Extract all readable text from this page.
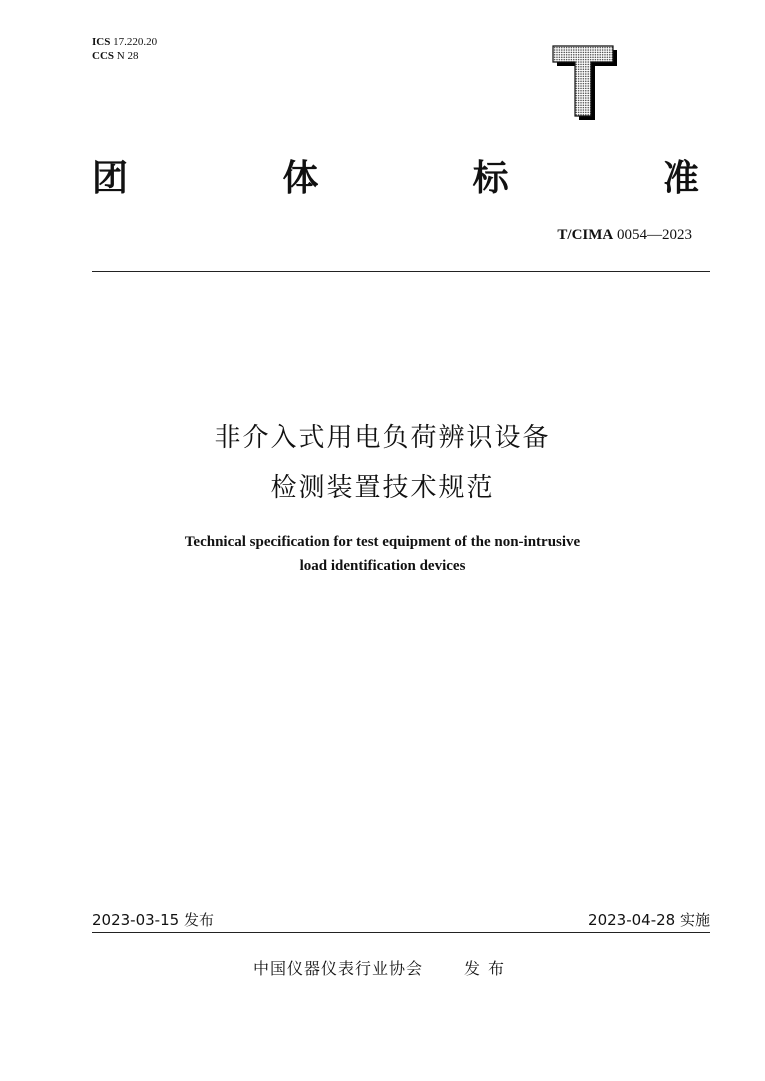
ICS 17.220.20
CCS N 28
团	体	标	准
T/CIMA 0054—2023
非介入式用电负荷辨识设备
检测装置技术规范
Technical specification for test equipment of the non-intrusive
load identification devices
2023-03-15 发布	2023-04-28 实施
中国仪器仪表行业协会	发布
